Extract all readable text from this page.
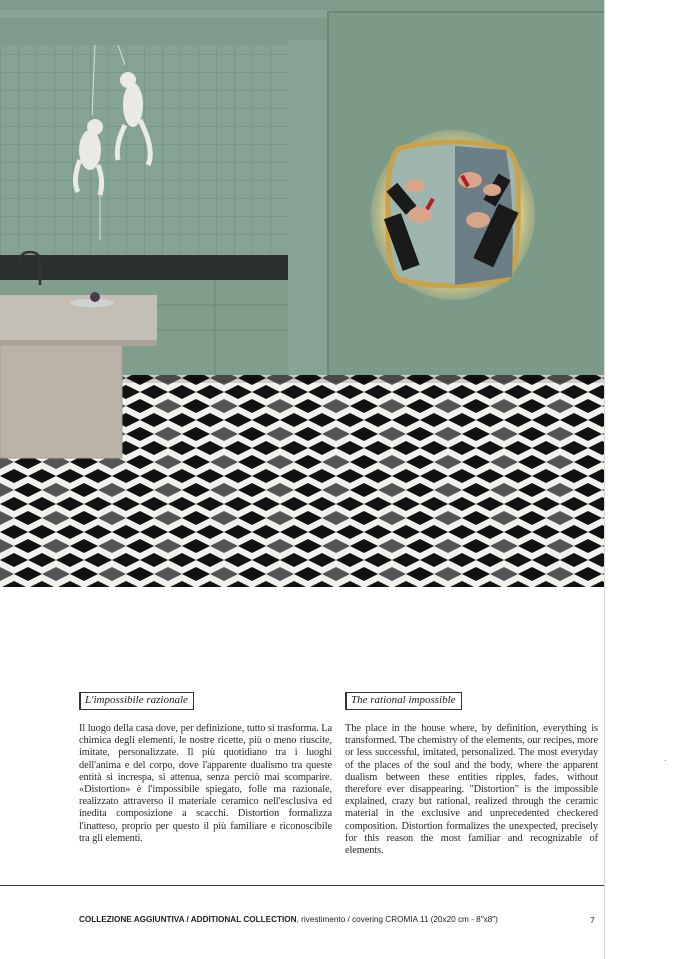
L'impossibile razionale
Il luogo della casa dove, per definizione, tutto si trasforma. La chimica degli elementi, le nostre ricette, più o meno riuscite, imitate, personalizzate. Il più quotidiano tra i luoghi dell'anima e del corpo, dove l'apparente dualismo tra queste entità si increspa, si attenua, senza perciò mai scomparire. «Distortion» è l'impossibile spiegato, folle ma razionale, realizzato attraverso il materiale ceramico nell'esclusiva ed inedita composizione a scacchi. Distortion formalizza l'inatteso, proprio per questo il più familiare e riconoscibile tra gli elementi.
The rational impossible
The place in the house where, by definition, everything is transformed. The chemistry of the elements, our recipes, more or less successful, imitated, personalized. The most everyday of the places of the soul and the body, where the apparent dualism between these entities ripples, fades, without therefore ever disappearing. "Distortion" is the impossible explained, crazy but rational, realized through the ceramic material in the exclusive and unprecedented checkered composition. Distortion formalizes the unexpected, precisely for this reason the most familiar and recognizable of elements.
COLLEZIONE AGGIUNTIVA / ADDITIONAL COLLECTION, rivestimento / covering CROMIA 11 (20x20 cm - 8"x8")	7
